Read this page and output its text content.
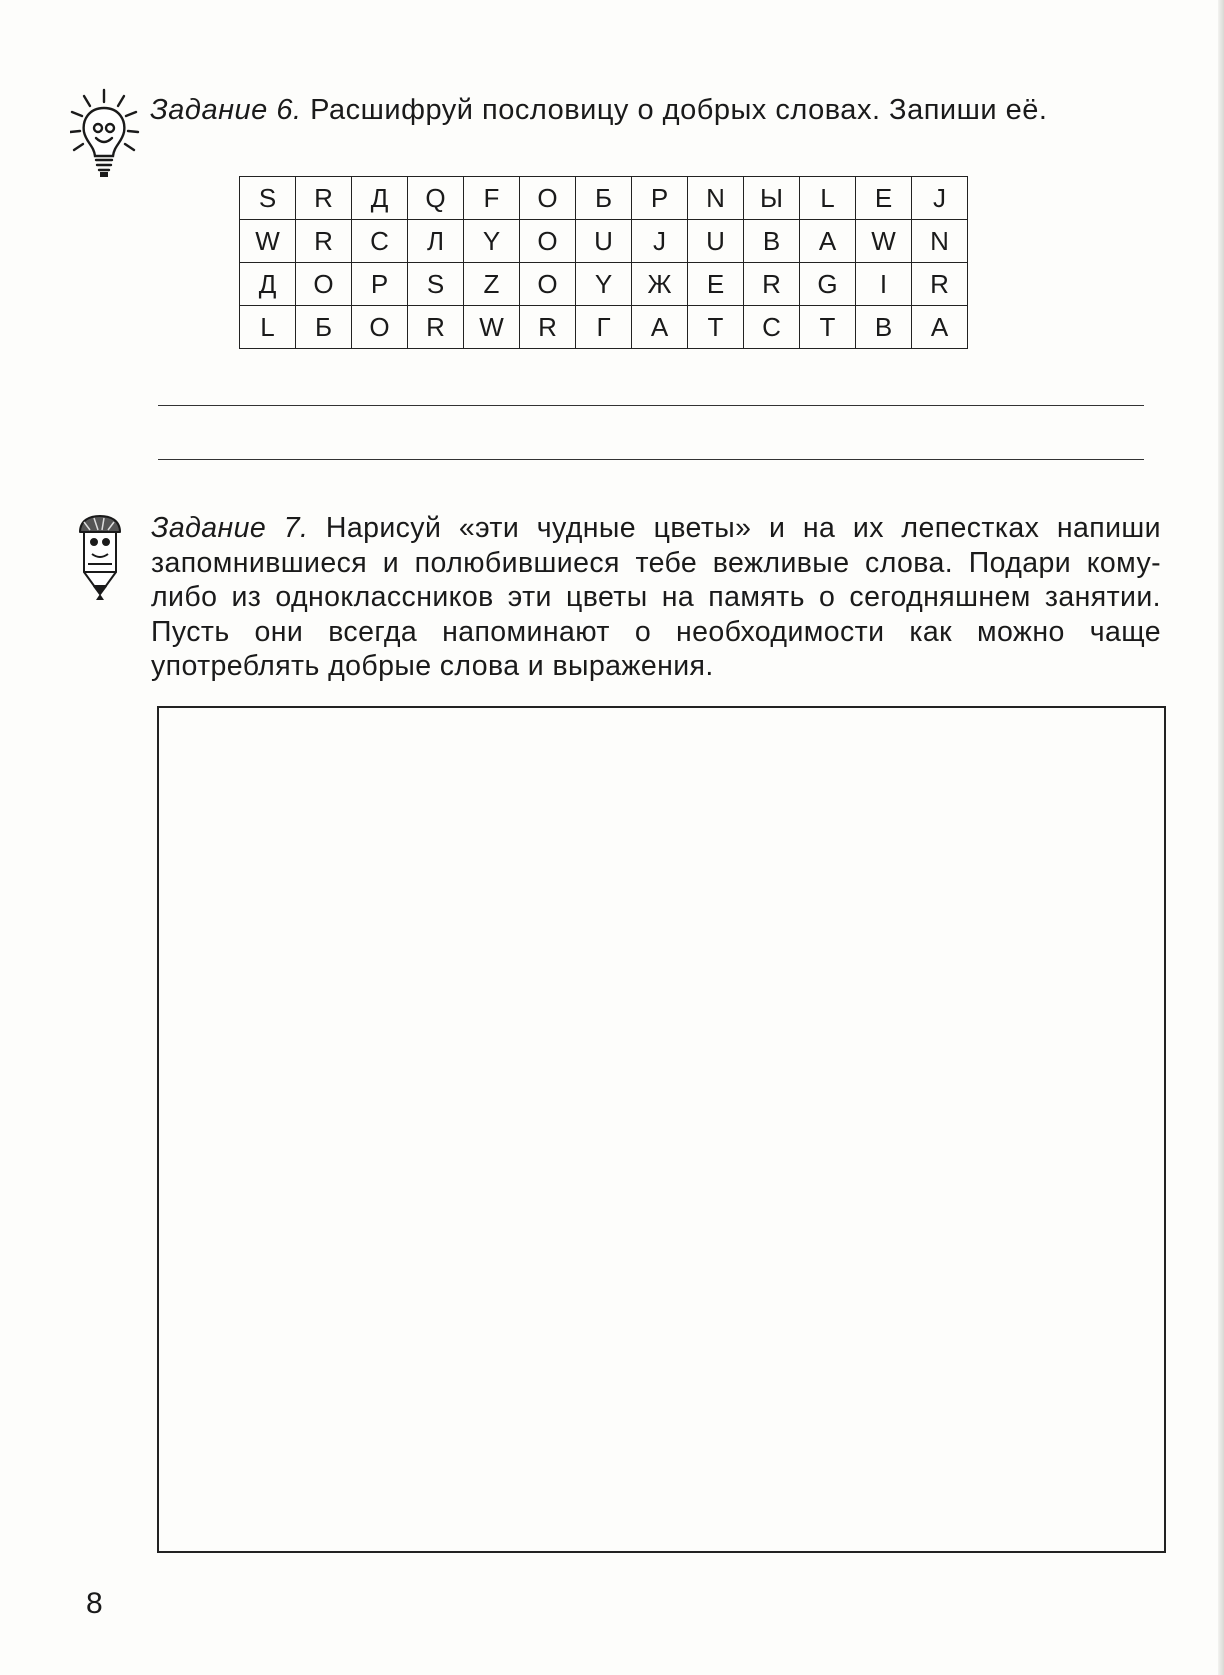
Задание 6. Расшифруй пословицу о добрых словах. Запиши её.
S	R	Д	Q	F	O	Б	P	N	Ы	L	E	J
W	R	С	Л	Y	O	U	J	U	В	А	W	N
Д	О	Р	S	Z	О	Y	Ж	Е	R	G	I	R
L	Б	О	R	W	R	Г	А	Т	С	Т	В	А
Задание 7. Нарисуй «эти чудные цветы» и на их лепестках напиши запомнившиеся и полюбившиеся тебе вежливые слова. Подари кому-либо из одноклассников эти цветы на память о сегодняшнем занятии. Пусть они всегда напоминают о необходимости как можно чаще употреблять добрые слова и выражения.
8
